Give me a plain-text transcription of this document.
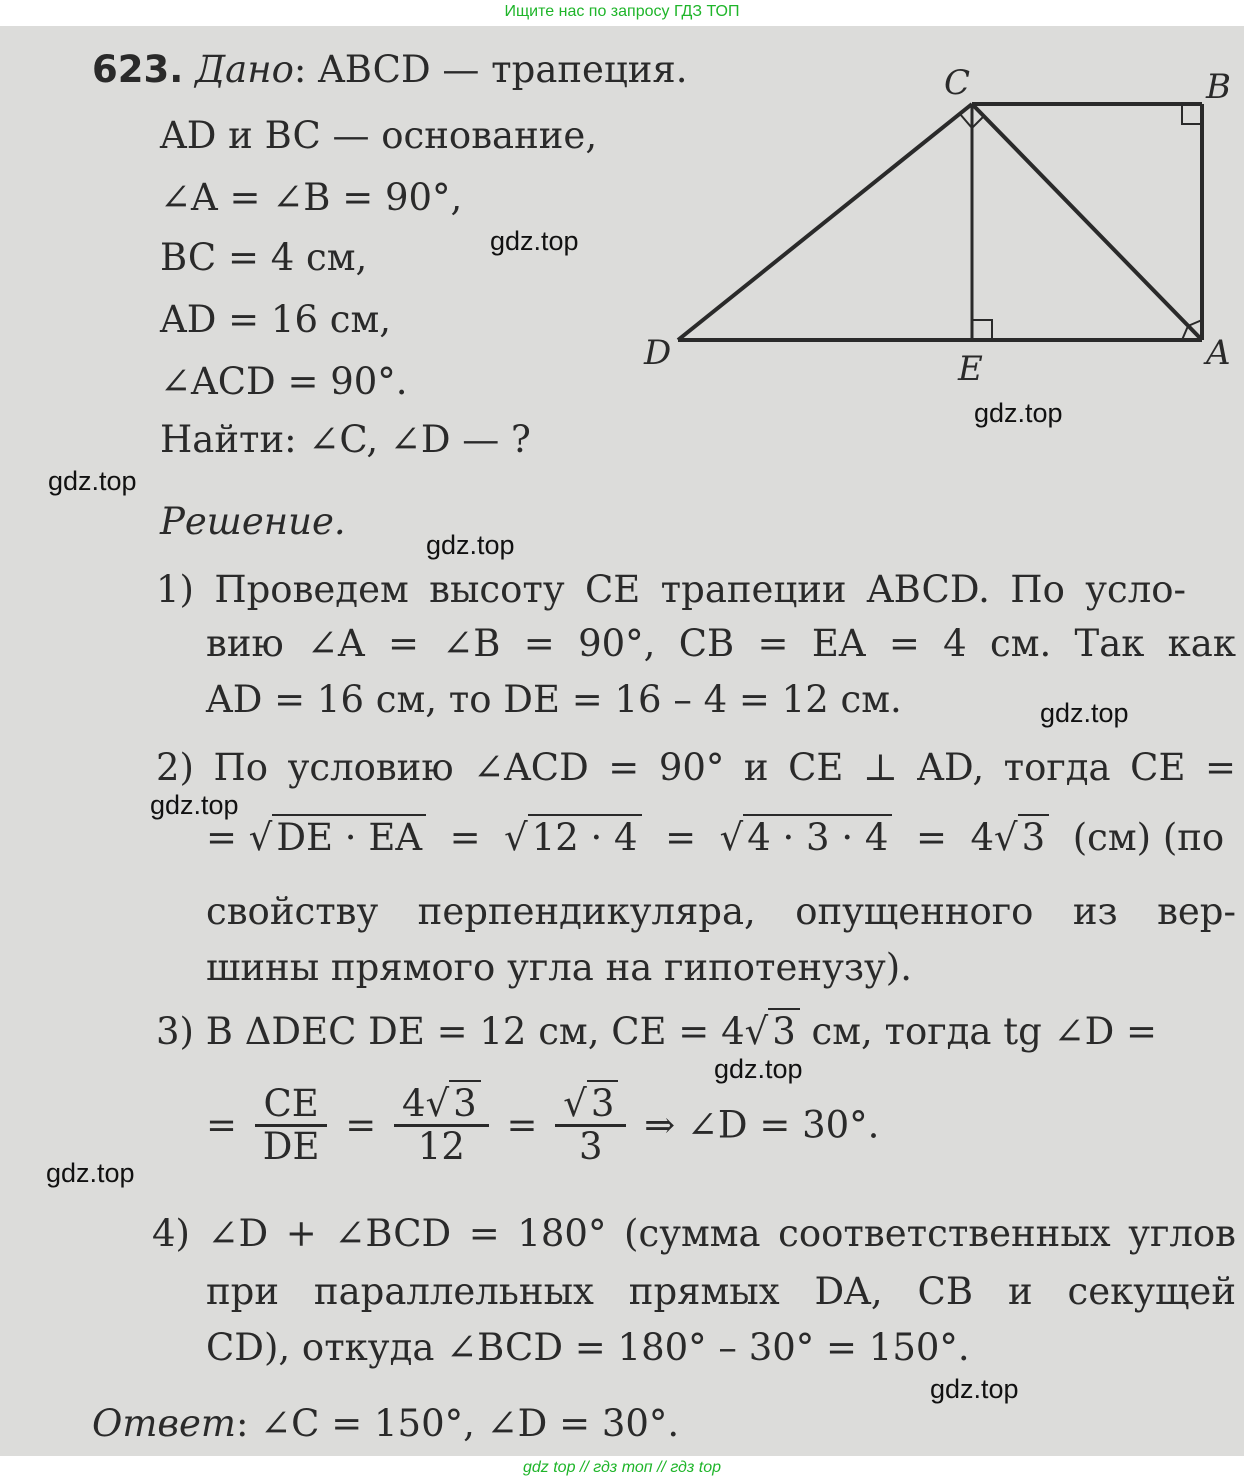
Ищите нас по запросу ГДЗ ТОП
623. Дано: ABCD — трапеция.
AD и BC — основание,
∠A = ∠B = 90°,
BC = 4 см,
AD = 16 см,
∠ACD = 90°.
Найти: ∠C, ∠D — ?
C	B
D	A
E
Решение.
1) Проведем высоту CE трапеции ABCD. По усло-
вию ∠A = ∠B = 90°, CB = EA = 4 см. Так как
AD = 16 см, то DE = 16 – 4 = 12 см.
2) По условию ∠ACD = 90° и CE ⊥ AD, тогда CE =
= √ DE · EA  =  √ 12 · 4  =  √ 4 · 3 · 4  =  4√ 3 (см) (по
свойству перпендикуляра, опущенного из вер-
шины прямого угла на гипотенузу).
3) В ΔDEC DE = 12 см, CE = 4√ 3 см, тогда tg ∠D =
= $\frac{CE}{DE} = \frac{4√ 3}{12} = \frac{√ 3}{3}$ ⇒ ∠D = 30°.
4) ∠D + ∠BCD = 180° (сумма соответственных углов
при параллельных прямых DA, CB и секущей
CD), откуда ∠BCD = 180° – 30° = 150°.
Ответ: ∠C = 150°, ∠D = 30°.
gdz.top
gdz.top
gdz.top
gdz.top
gdz.top
gdz.top
gdz.top
gdz.top
gdz.top
gdz top // гдз топ // гдз top
